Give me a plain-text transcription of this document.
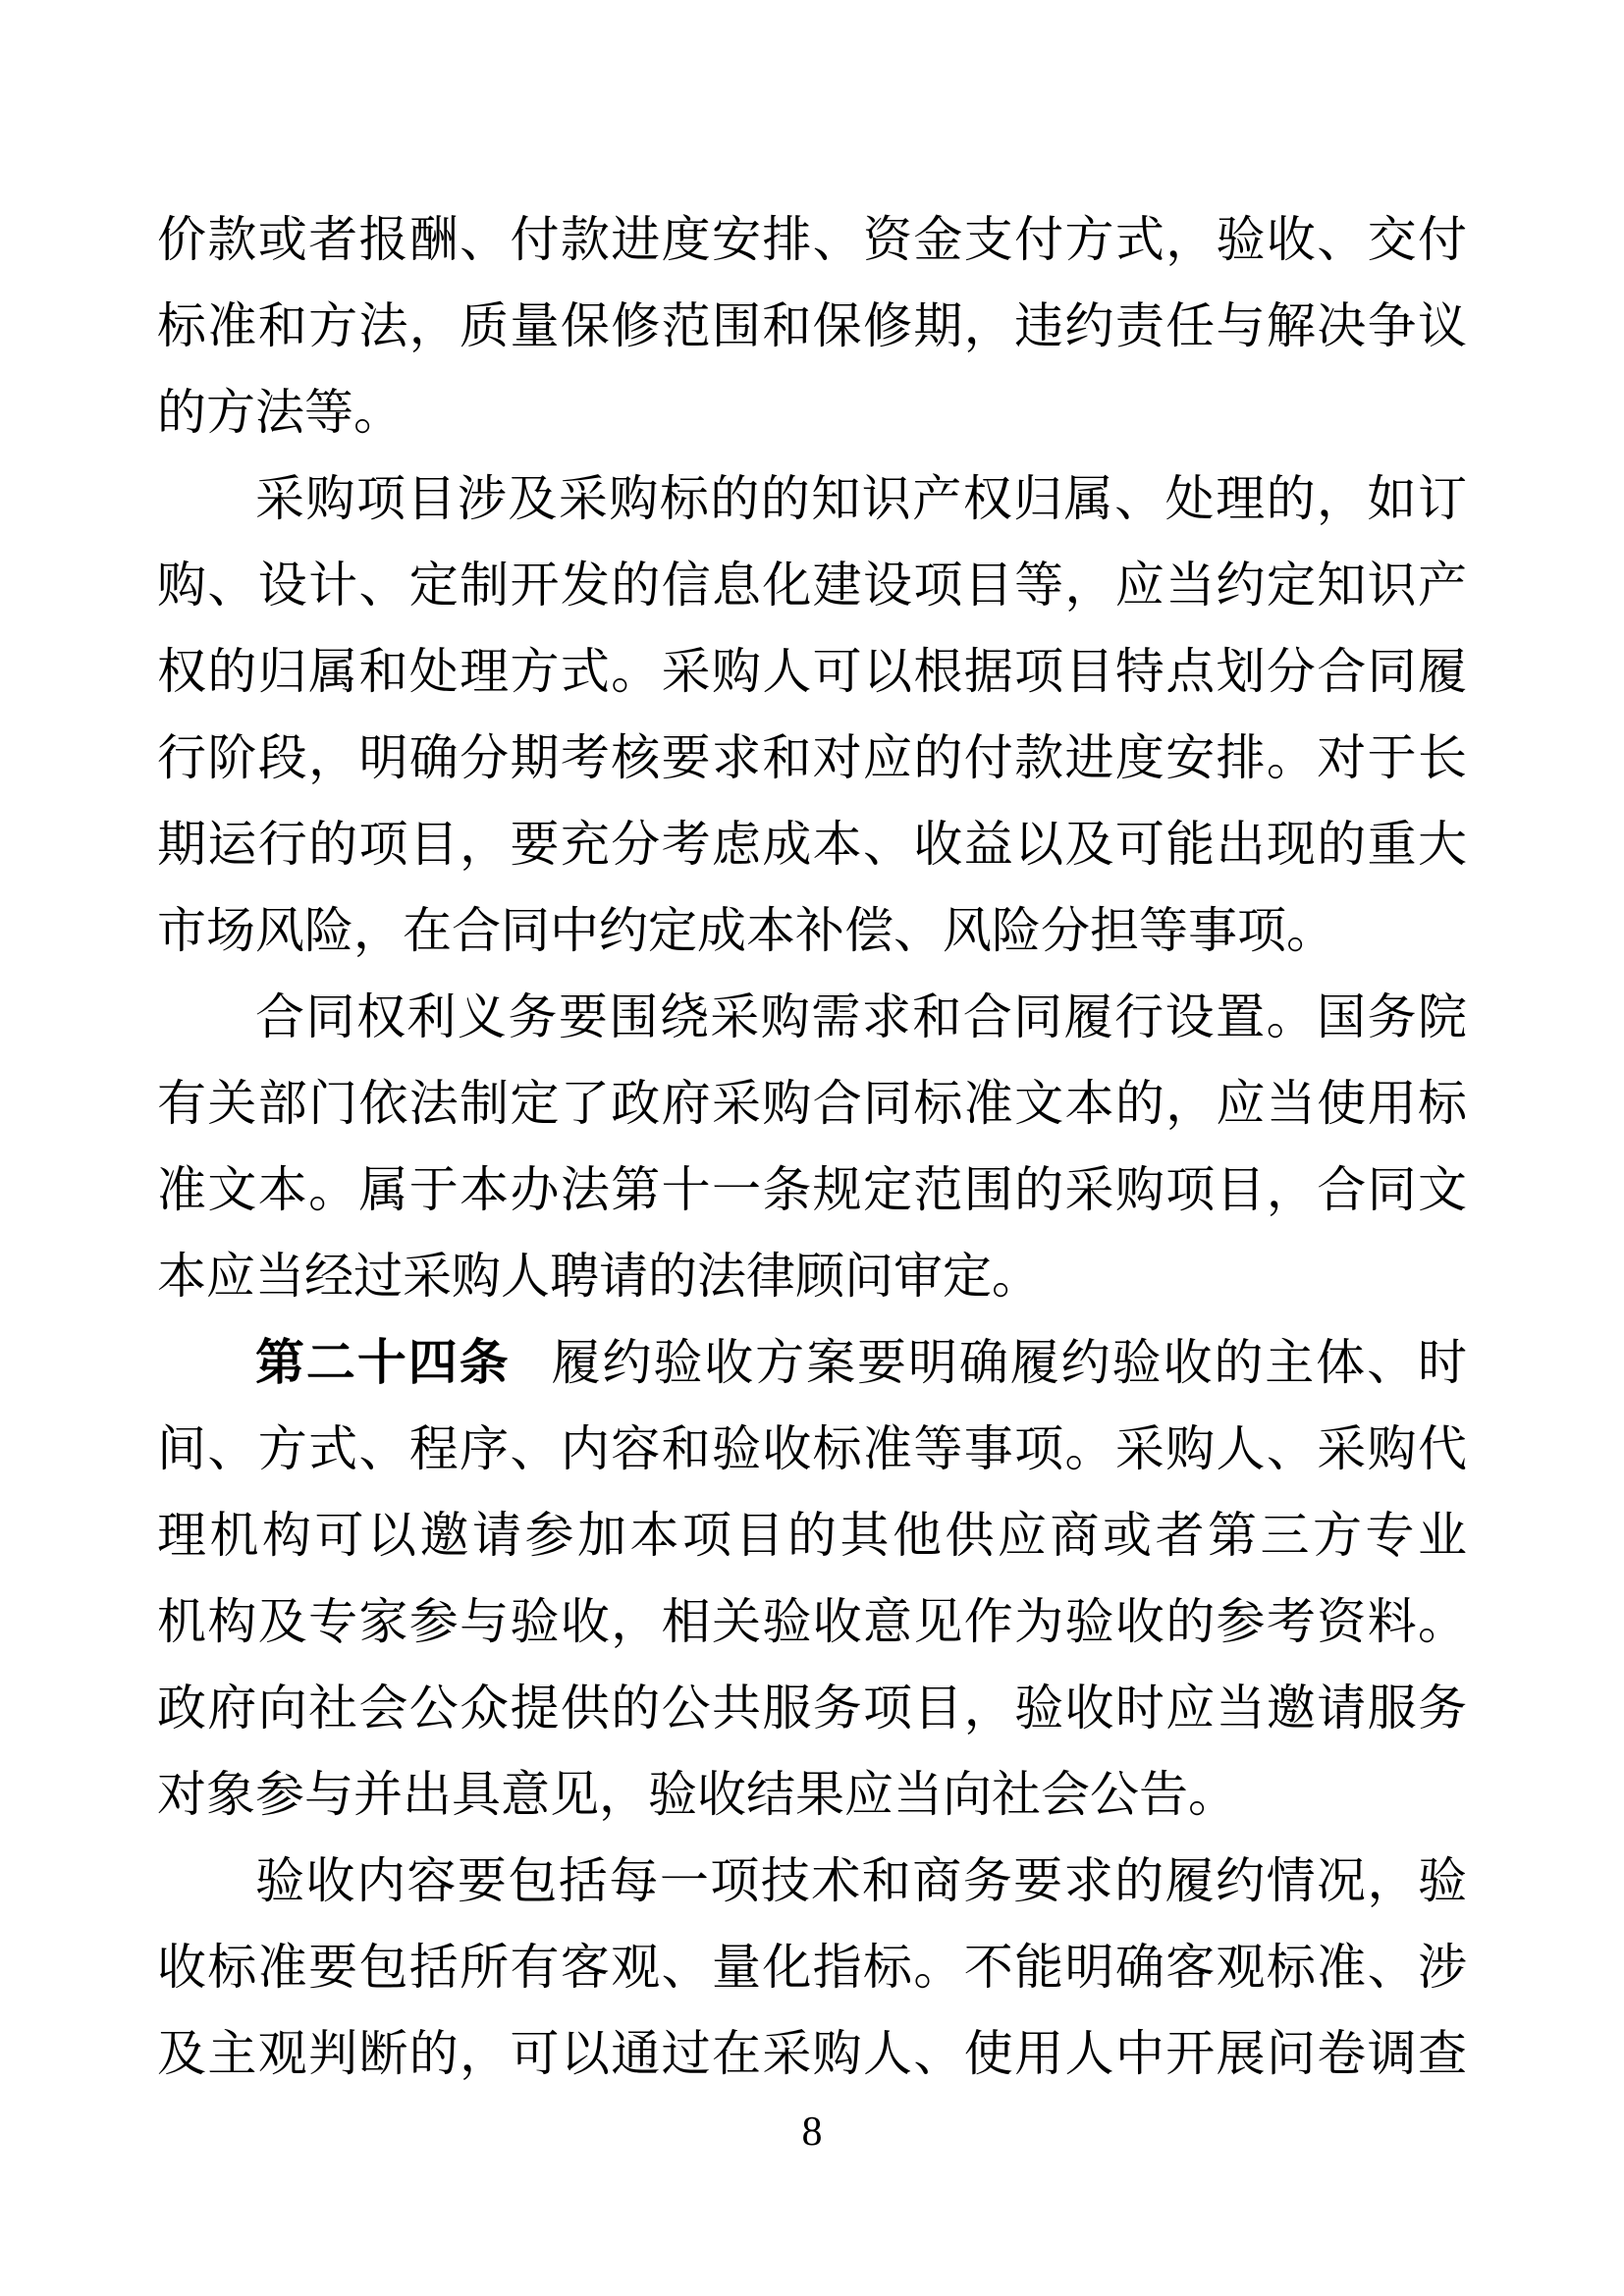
价款或者报酬、付款进度安排、资金支付方式，验收、交付
标准和方法，质量保修范围和保修期，违约责任与解决争议
的方法等。
采购项目涉及采购标的的知识产权归属、处理的，如订
购、设计、定制开发的信息化建设项目等，应当约定知识产
权的归属和处理方式。采购人可以根据项目特点划分合同履
行阶段，明确分期考核要求和对应的付款进度安排。对于长
期运行的项目，要充分考虑成本、收益以及可能出现的重大
市场风险，在合同中约定成本补偿、风险分担等事项。
合同权利义务要围绕采购需求和合同履行设置。国务院
有关部门依法制定了政府采购合同标准文本的，应当使用标
准文本。属于本办法第十一条规定范围的采购项目，合同文
本应当经过采购人聘请的法律顾问审定。
第二十四条 履约验收方案要明确履约验收的主体、时
间、方式、程序、内容和验收标准等事项。采购人、采购代
理机构可以邀请参加本项目的其他供应商或者第三方专业
机构及专家参与验收，相关验收意见作为验收的参考资料。
政府向社会公众提供的公共服务项目，验收时应当邀请服务
对象参与并出具意见，验收结果应当向社会公告。
验收内容要包括每一项技术和商务要求的履约情况，验
收标准要包括所有客观、量化指标。不能明确客观标准、涉
及主观判断的，可以通过在采购人、使用人中开展问卷调查
8
